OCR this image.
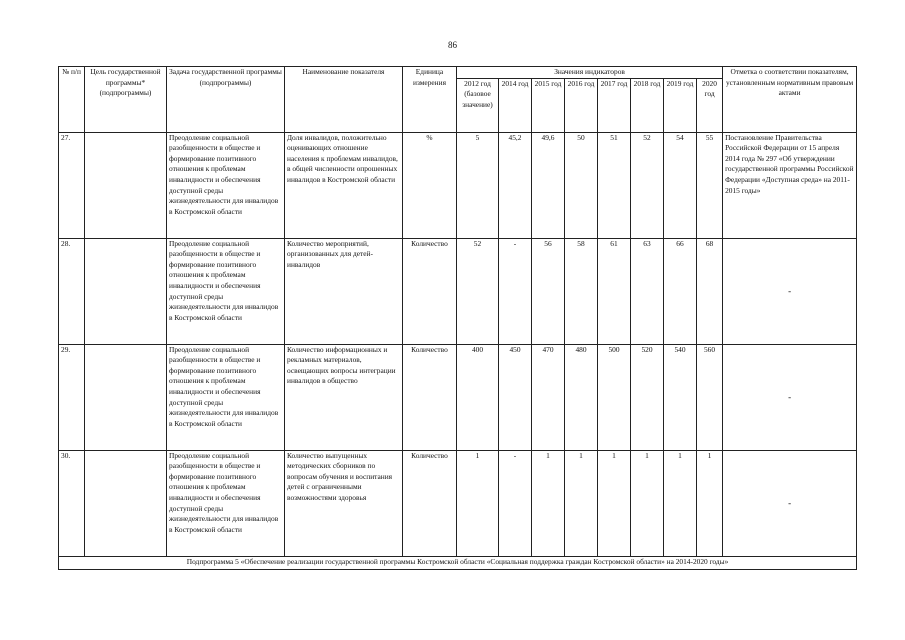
86
№ п/п	Цель государственной программы* (подпрограммы)	Задача государственной программы (подпрограммы)	Наименование показателя	Единица измерения	Значения индикаторов								Отметка о соответствии показателям, установленным нормативным правовым актами
					2012 год (базовое значение)	2014 год	2015 год	2016 год	2017 год	2018 год	2019 год	2020 год	
27.		Преодоление социальной разобщенности в обществе и формирование позитивного отношения к проблемам инвалидности и обеспечения доступной среды жизнедеятельности для инвалидов в Костромской области	Доля инвалидов, положительно оценивающих отношение населения к проблемам инвалидов, в общей численности опрошенных инвалидов в Костромской области	%	5	45,2	49,6	50	51	52	54	55	Постановление Правительства Российской Федерации от 15 апреля 2014 года № 297 «Об утверждении государственной программы Российской Федерации «Доступная среда» на 2011-2015 годы»
28.		Преодоление социальной разобщенности в обществе и формирование позитивного отношения к проблемам инвалидности и обеспечения доступной среды жизнедеятельности для инвалидов в Костромской области	Количество мероприятий, организованных для детей-инвалидов	Количество	52	-	56	58	61	63	66	68	-
29.		Преодоление социальной разобщенности в обществе и формирование позитивного отношения к проблемам инвалидности и обеспечения доступной среды жизнедеятельности для инвалидов в Костромской области	Количество информационных и рекламных материалов, освещающих вопросы интеграции инвалидов в общество	Количество	400	450	470	480	500	520	540	560	-
30.		Преодоление социальной разобщенности в обществе и формирование позитивного отношения к проблемам инвалидности и обеспечения доступной среды жизнедеятельности для инвалидов в Костромской области	Количество выпущенных методических сборников по вопросам обучения и воспитания детей с ограниченными возможностями здоровья	Количество	1	-	1	1	1	1	1	1	-
Подпрограмма 5 «Обеспечение реализации государственной программы Костромской области «Социальная поддержка граждан Костромской области» на 2014-2020 годы»													
